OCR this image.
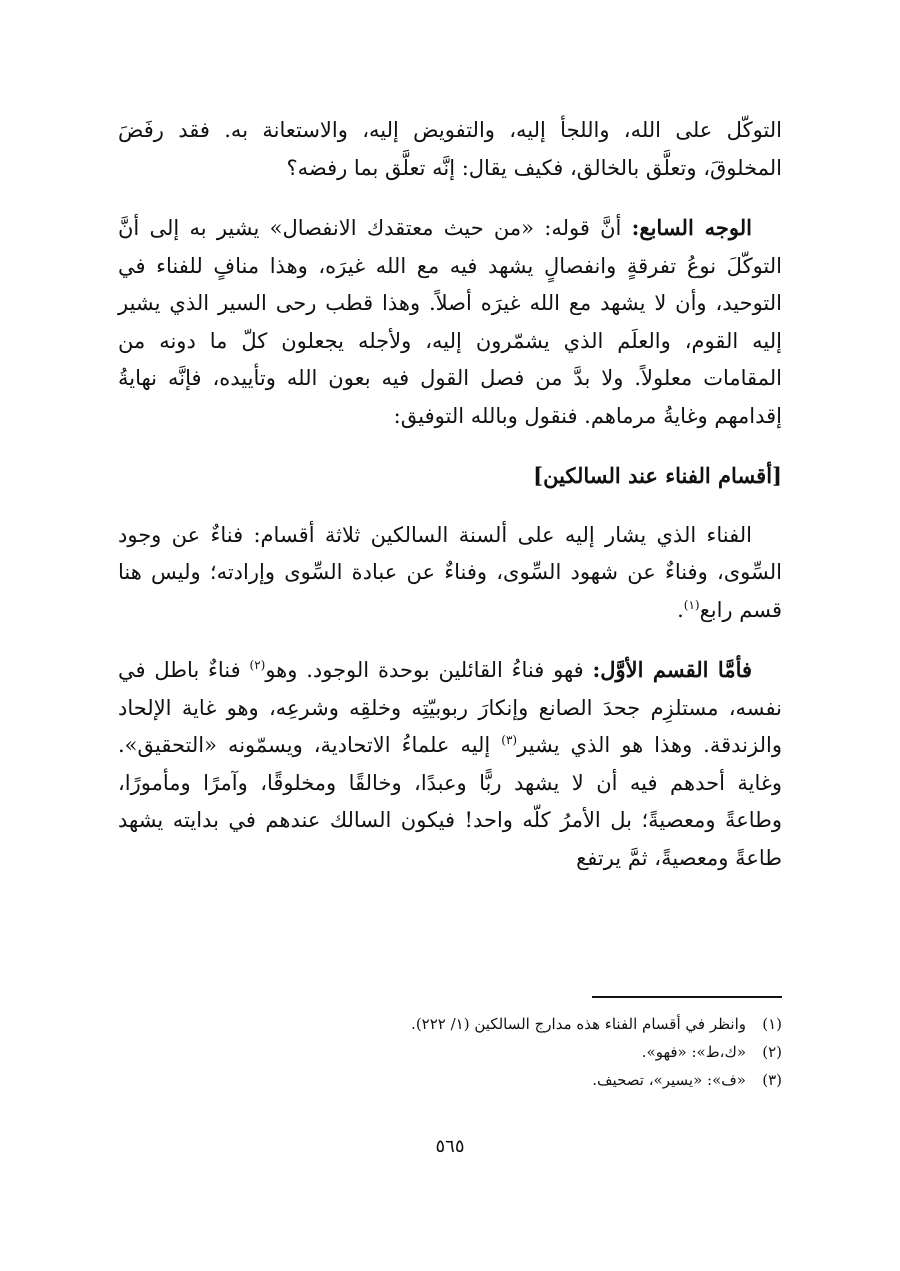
التوكّل على الله، واللجأ إليه، والتفويض إليه، والاستعانة به. فقد رفَضَ المخلوقَ، وتعلَّق بالخالق، فكيف يقال: إنَّه تعلَّق بما رفضه؟

الوجه السابع: أنَّ قوله: «من حيث معتقدك الانفصال» يشير به إلى أنَّ التوكّلَ نوعُ تفرقةٍ وانفصالٍ يشهد فيه مع الله غيرَه، وهذا منافٍ للفناء في التوحيد، وأن لا يشهد مع الله غيرَه أصلاً. وهذا قطب رحى السير الذي يشير إليه القوم، والعلَم الذي يشمّرون إليه، ولأجله يجعلون كلّ ما دونه من المقامات معلولاً. ولا بدَّ من فصل القول فيه بعون الله وتأييده، فإنَّه نهايةُ إقدامهم وغايةُ مرماهم. فنقول وبالله التوفيق:

[أقسام الفناء عند السالكين]

الفناء الذي يشار إليه على ألسنة السالكين ثلاثة أقسام: فناءٌ عن وجود السِّوى، وفناءٌ عن شهود السِّوى، وفناءٌ عن عبادة السِّوى وإرادته؛ وليس هنا قسم رابع$^{(١)}$.

فأمَّا القسم الأوَّل: فهو فناءُ القائلين بوحدة الوجود. وهو$^{(٢)}$ فناءٌ باطل في نفسه، مستلزِم جحدَ الصانع وإنكارَ ربوبيّتِه وخلقِه وشرعِه، وهو غاية الإلحاد والزندقة. وهذا هو الذي يشير$^{(٣)}$ إليه علماءُ الاتحادية، ويسمّونه «التحقيق». وغاية أحدهم فيه أن لا يشهد ربًّا وعبدًا، وخالقًا ومخلوقًا، وآمرًا ومأمورًا، وطاعةً ومعصيةً؛ بل الأمرُ كلّه واحد! فيكون السالك عندهم في بدايته يشهد طاعةً ومعصيةً، ثمَّ يرتفع

(١)وانظر في أقسام الفناء هذه مدارج السالكين (١/ ٢٢٢).

(٢)«ك،ط»: «فهو».

(٣)«ف»: «يسير»، تصحيف.

٥٦٥
